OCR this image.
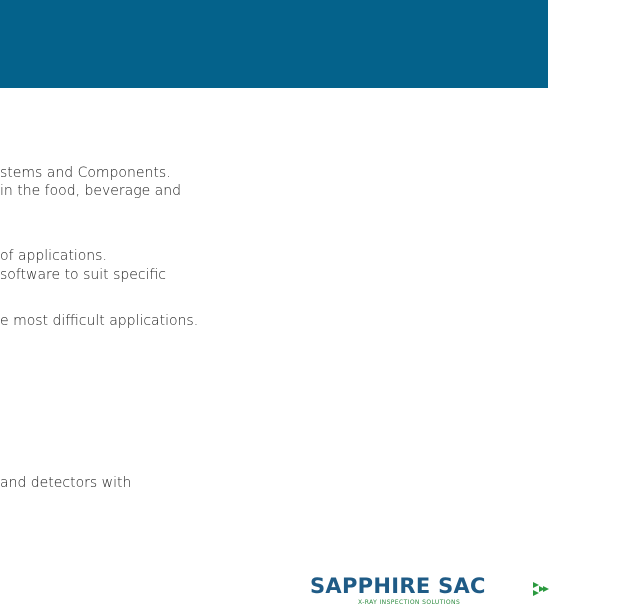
stems and Components.
in the food, beverage and
of applications.
software to suit specific
e most difficult applications.
and detectors with
SAPPHIRE SAC
X-RAY INSPECTION SOLUTIONS
